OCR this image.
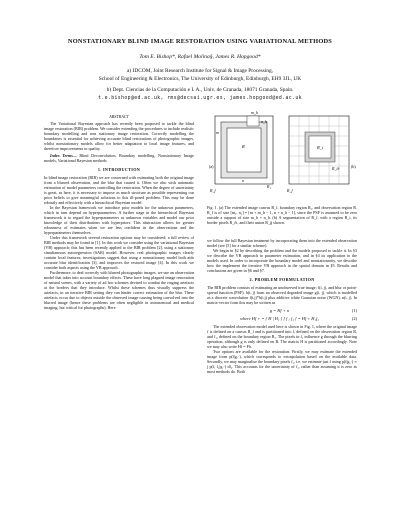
NONSTATIONARY BLIND IMAGE RESTORATION USING VARIATIONAL METHODS
Tom E. Bishop*, Rafael Molina§, James R. Hopgood*
a) IDCOM, Joint Research Institute for Signal & Image Processing,
School of Engineering & Electronics, The University of Edinburgh, Edinburgh, EH9 3JL, UK
b) Dept. Ciencias de la Computación e I. A., Univ. de Granada, 18071 Granada, Spain.
t.e.bishop@ed.ac.uk, rms@decsai.ugr.es, james.hopgood@ed.ac.uk
ABSTRACT

The Variational Bayesian approach has recently been proposed to tackle the blind image restoration (BIR) problem. We consider extending the procedures to include realistic boundary modelling and non stationary image restoration. Correctly modelling the boundaries is essential for achieving accurate blind restorations of photographic images, whilst nonstationary models allow for better adaptation to local image features, and therefore improvements in quality.

Index Terms— Blind Deconvolution, Boundary modelling, Nonstationary Image models, Variational Bayesian methods

1. INTRODUCTION

In blind image restoration (BIR) we are concerned with estimating both the original image from a blurred observation, and the blur that caused it. Often we also wish automatic estimation of model parameters controlling the restoration. When the degree of uncertainty is great, as here, it is necessary to impose as much structure as possible representing our prior beliefs to give meaningful solutions to this ill-posed problem. This may be done robustly and effectively with a hierarchical Bayesian model.

In the Bayesian framework we introduce prior models for the unknown parameters, which in turn depend on hyperparameters. A further stage in the hierarchical Bayesian framework is to regard the hyperparameters as unknown variables and model our prior knowledge of their distributions with hyperpriors. This abstraction allows for greater robustness of estimates when we are less confident in the observations and the hyperparameters themselves.

Under this framework several restoration options may be considered; a full review of BIR methods may be found in [1]. In this work we consider using the variational Bayesian (VB) approach; this has been recently applied to the BIR problem [2], using a stationary simultaneous autoregression (SAR) model. However, real photographic images clearly contain local features; investigations suggest that using a nonstationary model both aids accurate blur identification [3], and improves the restored image [4]. In this work we consider both aspects using the VB approach.

Furthermore, to deal correctly with blurred photographic images, we use an observation model that takes into account boundary effects. These have long plagued image restoration of natural scenes, with a variety of ad hoc schemes devised to combat the ringing artefacts at the borders that they introduce. Whilst these schemes thus visually suppress the artefacts, in an iterative BIR setting they can hinder correct estimation of the blur. These artefacts occur due to objects outside the observed image causing being convolved into the blurred image (hence these problems are often negligible in astronomical and medical imaging, but critical for photographs). Here

m_h
n_h
R
m
n
R₁
R_f
(a)
R_i
R_∂i
R_f
(b)
Fig. 1. (a) The extended image canvas R_f, boundary region R₁, and observation region R. R_f is of size [m₁, n₁] = [m + m_h − 1, n + n_h − 1], since the PSF is assumed to be zero outside a support of size m_h × n_h. (b) A segmentation of R_f, with a region R_i, its border pixels R_∂i, and their union R_ḡ shown.

we follow the full Bayesian treatment by incorporating them into the extended observation model (see [5] for a similar scheme).

We begin in §2 by describing the problem and the models proposed to tackle it. In §3 we describe the VB approach to parameter estimation, and in §4 its application to the models used. In order to incorporate the boundary model and nonstationarity, we describe how the implement the iterative VB approach in the spatial domain in §5. Results and conclusions are given in §6 and §7.

2. PROBLEM FORMULATION

The BIR problem consists of estimating an unobserved true image; f(i, j), and blur or point-spread function (PSF), h(i, j) from an observed degraded image g(i, j), which is modelled as a discrete convolution f(i,j)*h(i,j) plus additive white Gaussian noise (WGN), n(i, j). In matrix-vector form this may be written as

g = Hf + n	(1)
where Hf + = [ H | H₁ ] [ f ; f₁ ] = Hf + H₁f₁	(2)

The extended observation model used here is shown in Fig. 1, where the original image f is defined on a canvas R_f and is partitioned into f, defined on the observation region R, and f₁, defined on the boundary region R₁. The pixels in f₁ influence g through the blurring operation, although g is only defined on R. The matrix H is partitioned accordingly. Note we may also write Hf = Fh.

Two options are available for the restoration. Firstly, we may estimate the extended image from p(f|g,·), which corresponds to extrapolation based on the available data. Secondly, we may marginalise the boundary pixels f₁, i.e. we estimate just f using p(f|g,·) ∝ ∫ p(f, f₁|g,·) df₁. This accounts for the uncertainty of f₁, rather than assuming it is zero as most methods do. Both
